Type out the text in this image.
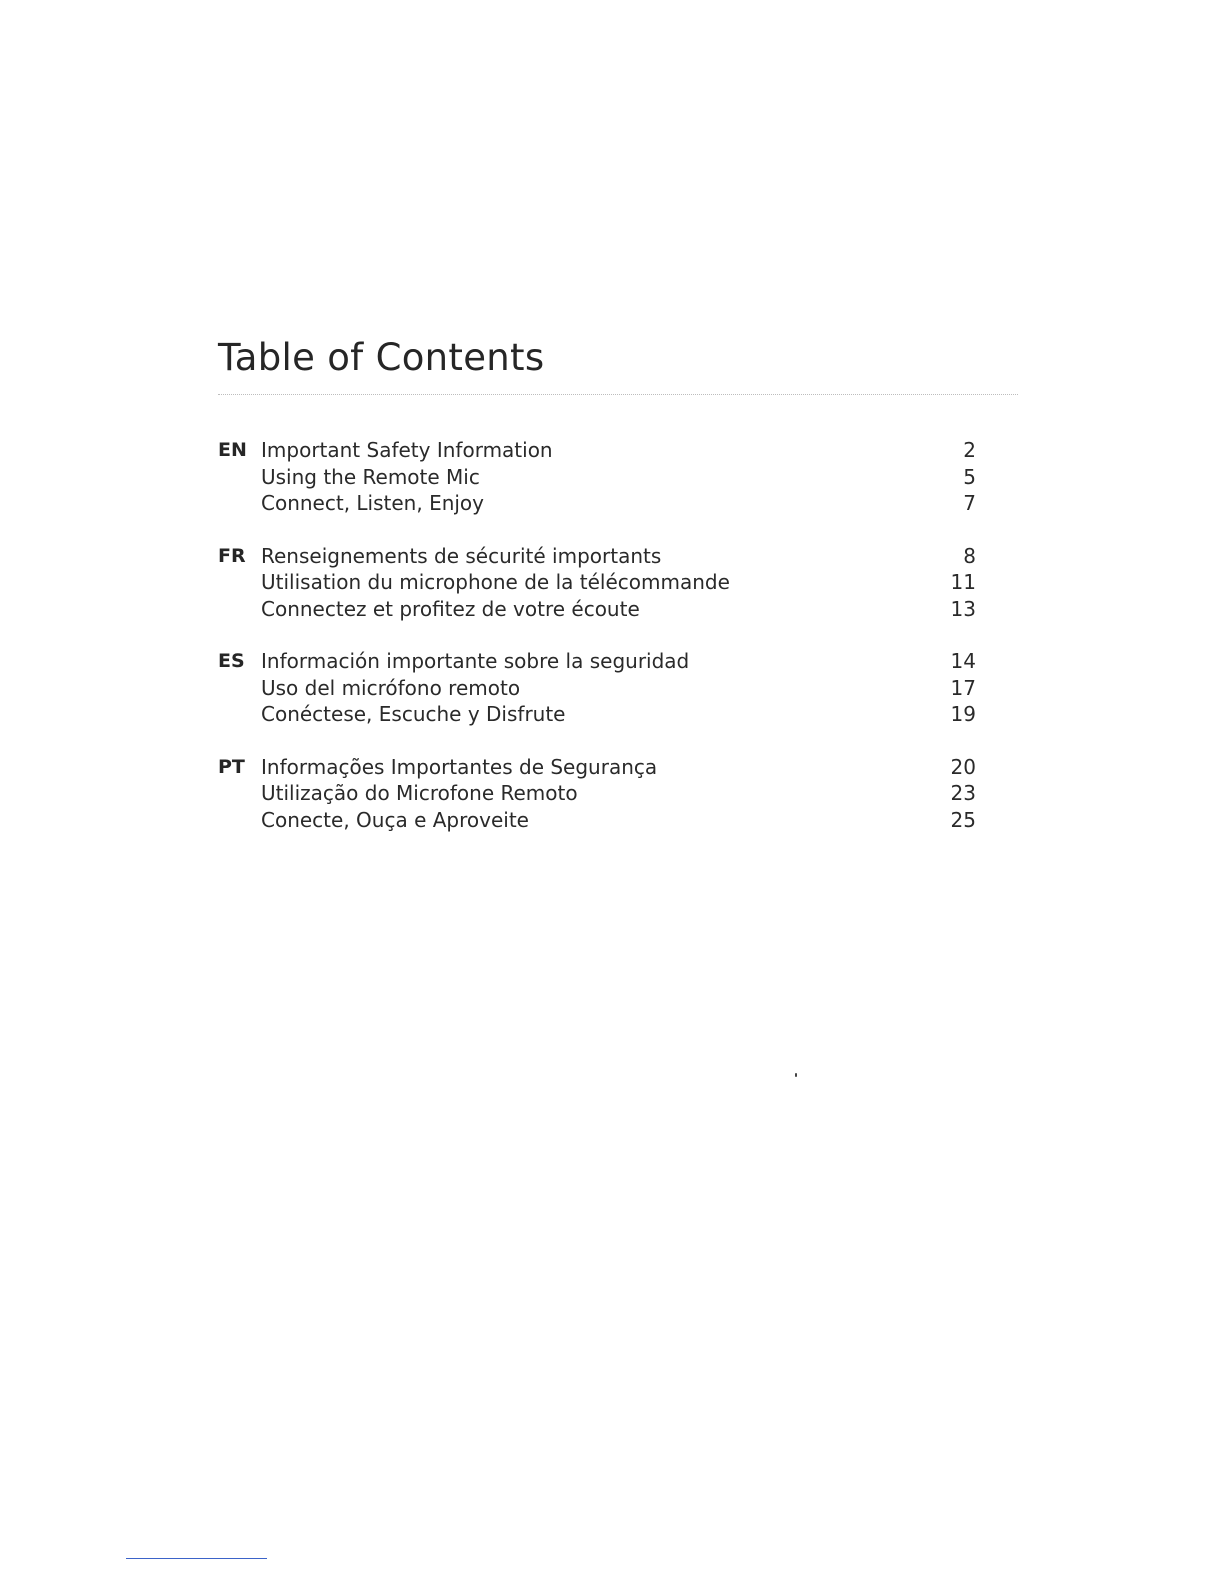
Table of Contents
EN Important Safety Information	2
Using the Remote Mic	5
Connect, Listen, Enjoy	7
FR Renseignements de sécurité importants	8
Utilisation du microphone de la télécommande	11
Connectez et profitez de votre écoute	13
ES Información importante sobre la seguridad	14
Uso del micrófono remoto	17
Conéctese, Escuche y Disfrute	19
PT Informações Importantes de Segurança	20
Utilização do Microfone Remoto	23
Conecte, Ouça e Aproveite	25
